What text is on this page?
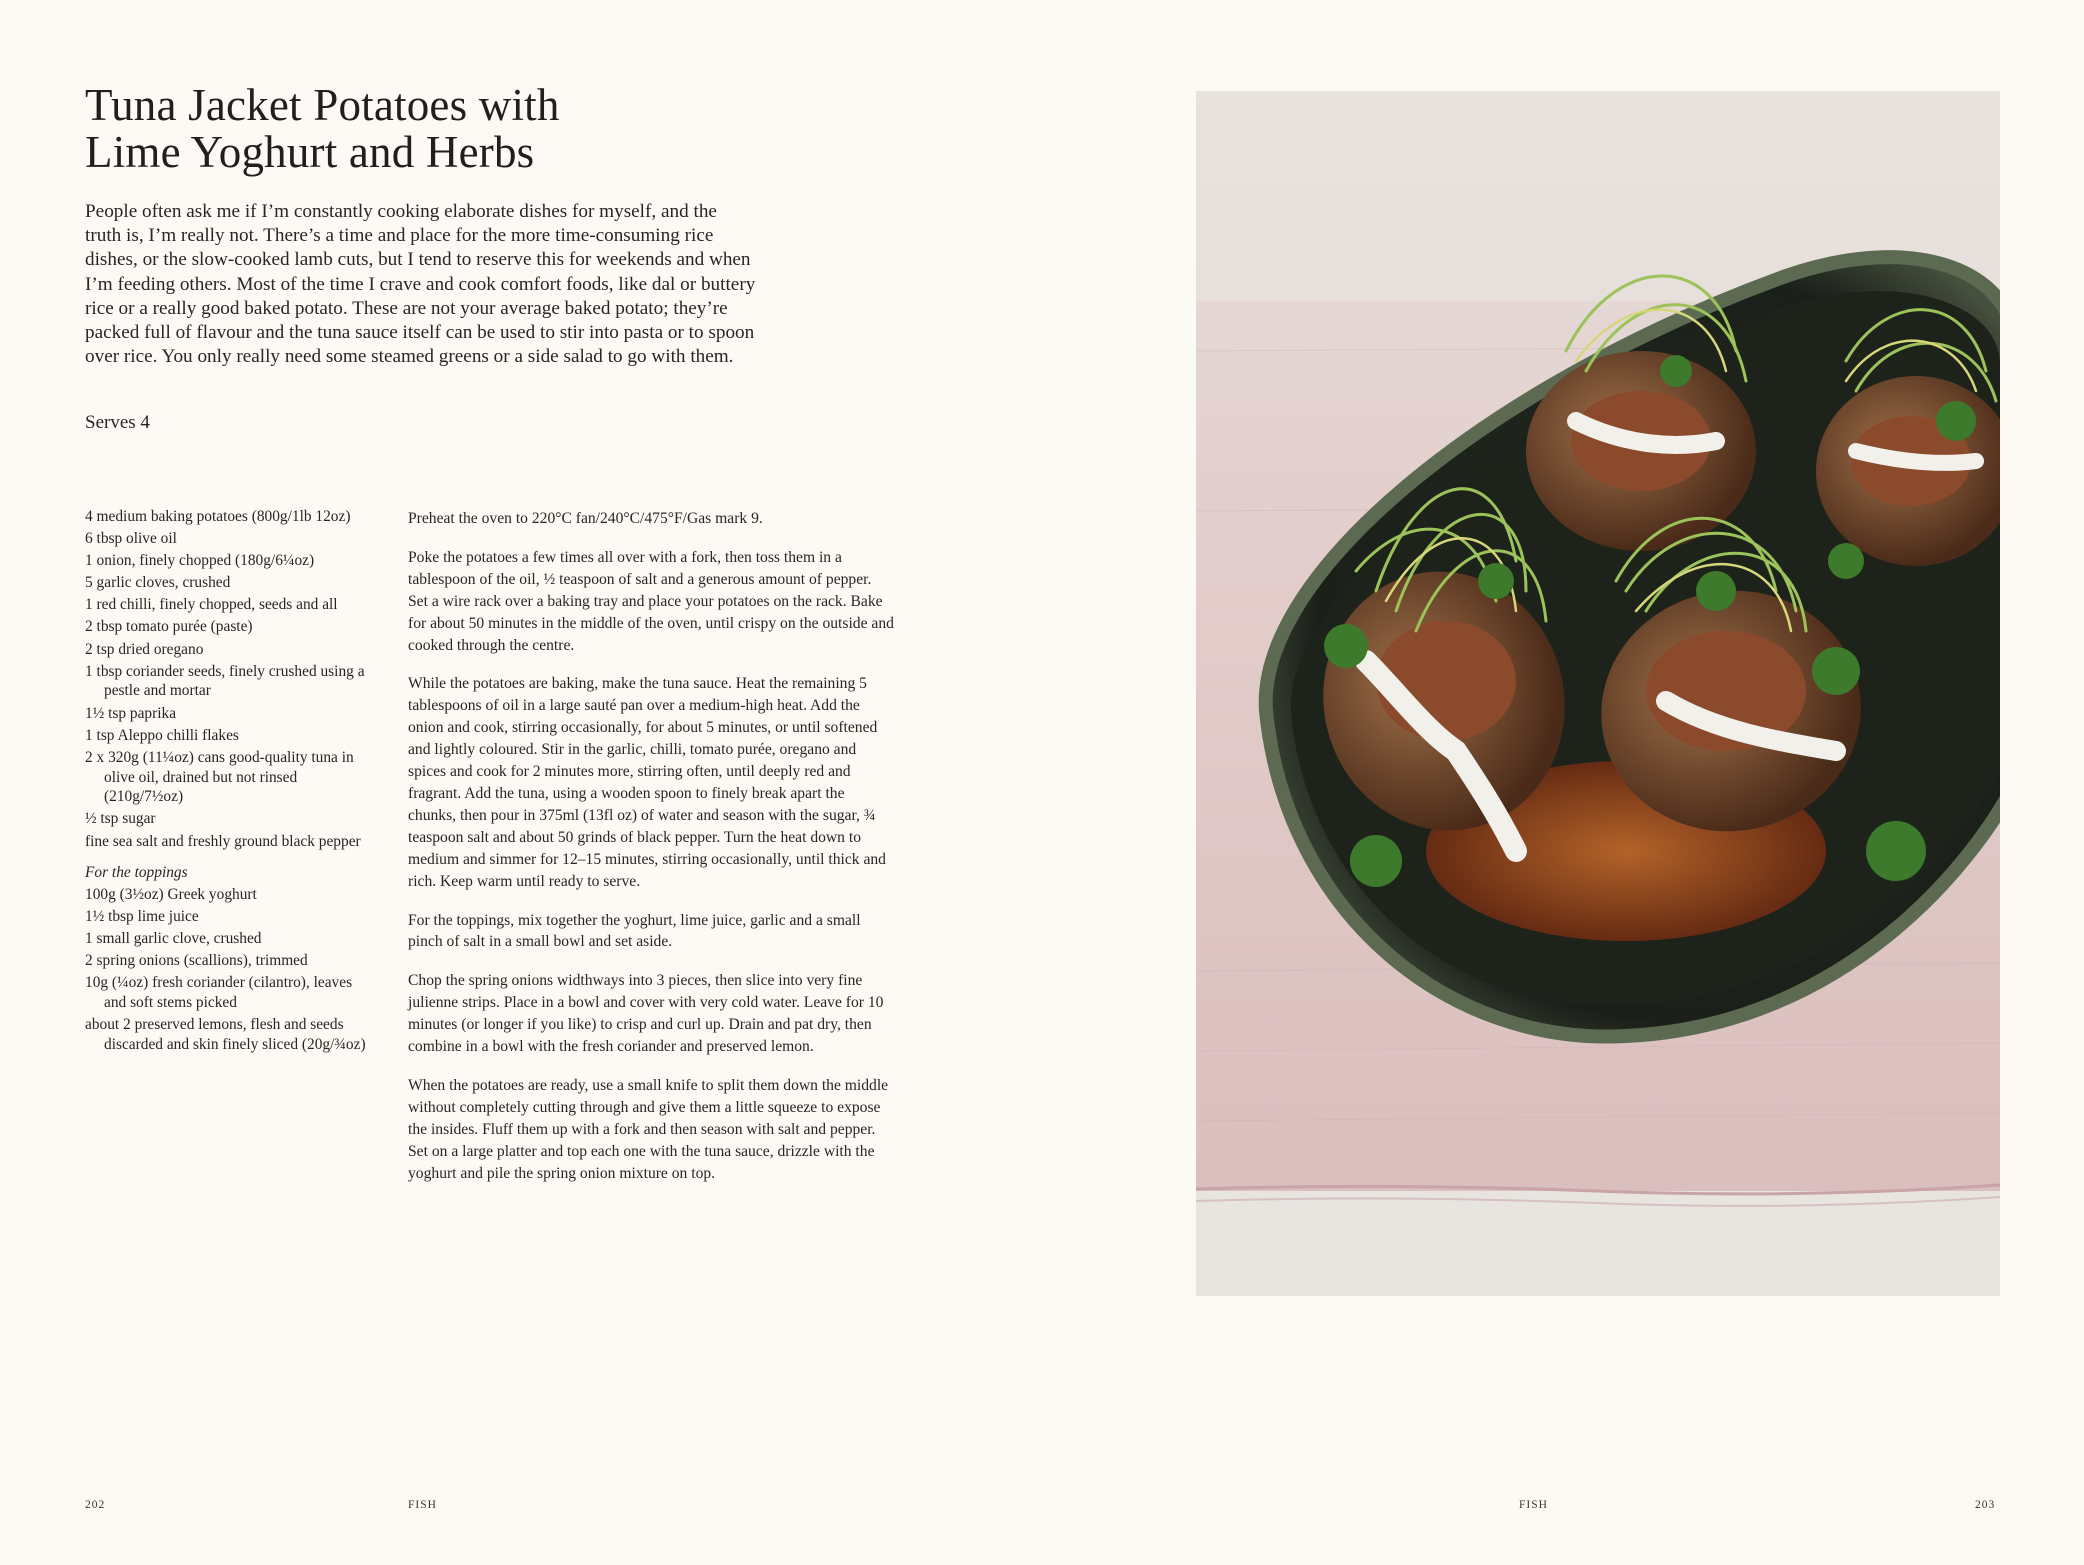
Tuna Jacket Potatoes with
Lime Yoghurt and Herbs

People often ask me if I’m constantly cooking elaborate dishes for myself, and the truth is, I’m really not. There’s a time and place for the more time-consuming rice dishes, or the slow-cooked lamb cuts, but I tend to reserve this for weekends and when I’m feeding others. Most of the time I crave and cook comfort foods, like dal or buttery rice or a really good baked potato. These are not your average baked potato; they’re packed full of flavour and the tuna sauce itself can be used to stir into pasta or to spoon over rice. You only really need some steamed greens or a side salad to go with them.

Serves 4

4 medium baking potatoes (800g/1lb 12oz)
6 tbsp olive oil
1 onion, finely chopped (180g/6¼oz)
5 garlic cloves, crushed
1 red chilli, finely chopped, seeds and all
2 tbsp tomato purée (paste)
2 tsp dried oregano
1 tbsp coriander seeds, finely crushed using a pestle and mortar
1½ tsp paprika
1 tsp Aleppo chilli flakes
2 x 320g (11¼oz) cans good-quality tuna in olive oil, drained but not rinsed (210g/7½oz)
½ tsp sugar
fine sea salt and freshly ground black pepper
For the toppings
100g (3½oz) Greek yoghurt
1½ tbsp lime juice
1 small garlic clove, crushed
2 spring onions (scallions), trimmed
10g (¼oz) fresh coriander (cilantro), leaves and soft stems picked
about 2 preserved lemons, flesh and seeds discarded and skin finely sliced (20g/¾oz)

Preheat the oven to 220°C fan/240°C/475°F/Gas mark 9.

Poke the potatoes a few times all over with a fork, then toss them in a tablespoon of the oil, ½ teaspoon of salt and a generous amount of pepper. Set a wire rack over a baking tray and place your potatoes on the rack. Bake for about 50 minutes in the middle of the oven, until crispy on the outside and cooked through the centre.

While the potatoes are baking, make the tuna sauce. Heat the remaining 5 tablespoons of oil in a large sauté pan over a medium-high heat. Add the onion and cook, stirring occasionally, for about 5 minutes, or until softened and lightly coloured. Stir in the garlic, chilli, tomato purée, oregano and spices and cook for 2 minutes more, stirring often, until deeply red and fragrant. Add the tuna, using a wooden spoon to finely break apart the chunks, then pour in 375ml (13fl oz) of water and season with the sugar, ¾ teaspoon salt and about 50 grinds of black pepper. Turn the heat down to medium and simmer for 12–15 minutes, stirring occasionally, until thick and rich. Keep warm until ready to serve.

For the toppings, mix together the yoghurt, lime juice, garlic and a small pinch of salt in a small bowl and set aside.

Chop the spring onions widthways into 3 pieces, then slice into very fine julienne strips. Place in a bowl and cover with very cold water. Leave for 10 minutes (or longer if you like) to crisp and curl up. Drain and pat dry, then combine in a bowl with the fresh coriander and preserved lemon.

When the potatoes are ready, use a small knife to split them down the middle without completely cutting through and give them a little squeeze to expose the insides. Fluff them up with a fork and then season with salt and pepper. Set on a large platter and top each one with the tuna sauce, drizzle with the yoghurt and pile the spring onion mixture on top.

202	FISH	FISH	203
